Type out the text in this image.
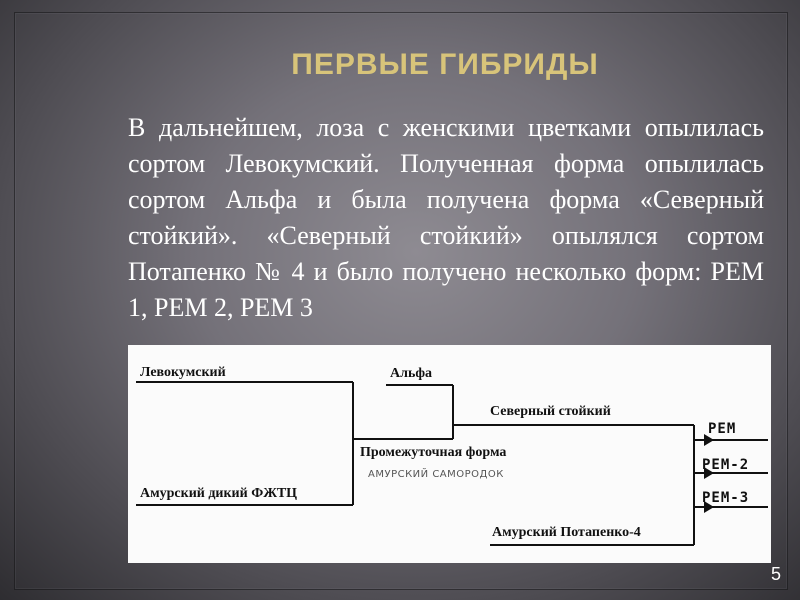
ПЕРВЫЕ ГИБРИДЫ
В дальнейшем, лоза с женскими цветками опылилась сортом Левокумский. Полученная форма опылилась сортом Альфа и была получена форма «Северный стойкий». «Северный стойкий» опылялся сортом Потапенко № 4 и было получено несколько форм: РЕМ 1, РЕМ 2, РЕМ 3
Левокумский
Амурский дикий ФЖТЦ
Альфа
Промежуточная форма
АМУРСКИЙ САМОРОДОК
Северный стойкий
Амурский Потапенко-4
РЕМ
РЕМ-2
РЕМ-3
5
